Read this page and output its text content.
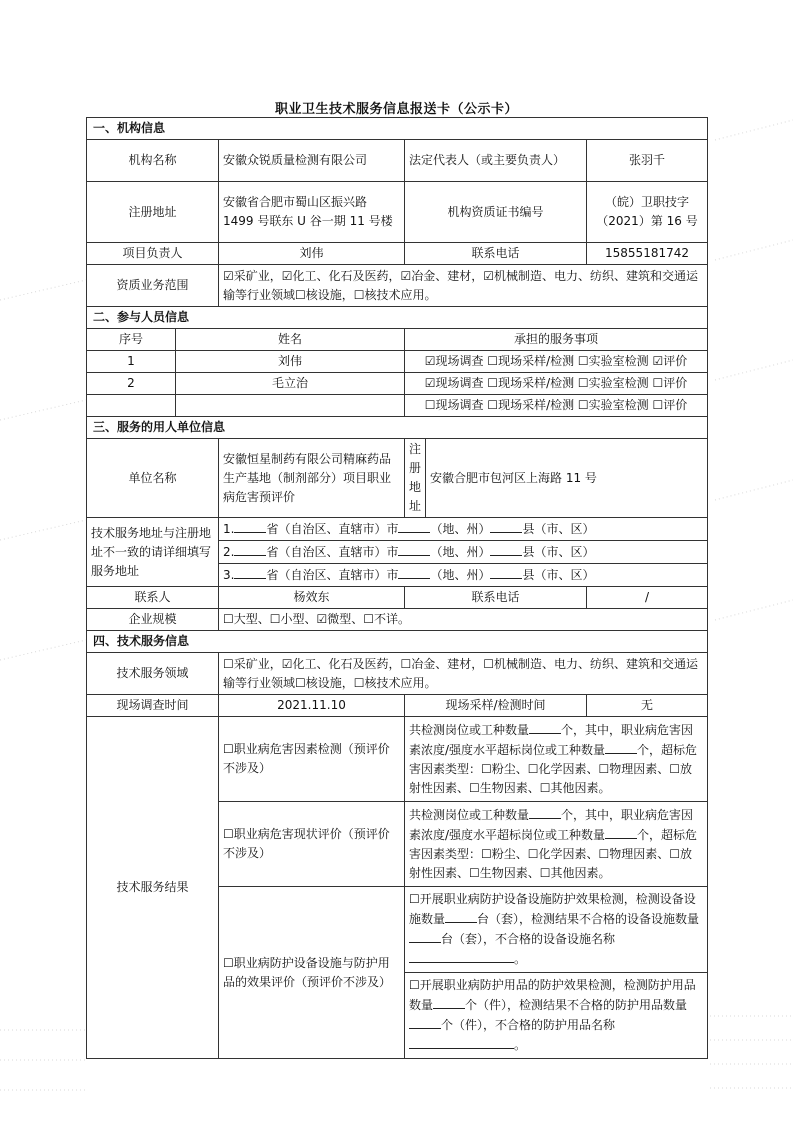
职业卫生技术服务信息报送卡（公示卡）
一、机构信息					
机构名称		安徽众锐质量检测有限公司	法定代表人（或主要负责人）		张羽千
注册地址		安徽省合肥市蜀山区振兴路 1499 号联东 U 谷一期 11 号楼	机构资质证书编号		（皖）卫职技字（2021）第 16 号
项目负责人		刘伟	联系电话		15855181742
资质业务范围		☑采矿业，☑化工、化石及医药，☑冶金、建材，☑机械制造、电力、纺织、建筑和交通运输等行业领域☐核设施，☐核技术应用。			
二、参与人员信息					
序号	姓名		承担的服务事项		
1	刘伟		☑现场调查 ☐现场采样/检测 ☐实验室检测 ☑评价		
2	毛立治		☑现场调查 ☐现场采样/检测 ☐实验室检测 ☐评价		
			☐现场调查 ☐现场采样/检测 ☐实验室检测 ☐评价		
三、服务的用人单位信息					
单位名称		安徽恒星制药有限公司精麻药品生产基地（制剂部分）项目职业病危害预评价	注册地址	安徽合肥市包河区上海路 11 号	
技术服务地址与注册地址不一致的请详细填写服务地址		1. 省（自治区、直辖市）市 （地、州） 县（市、区）			
		2. 省（自治区、直辖市）市 （地、州） 县（市、区）			
		3. 省（自治区、直辖市）市 （地、州） 县（市、区）			
联系人		杨效东	联系电话		/
企业规模		☐大型、☐小型、☑微型、☐不详。			
四、技术服务信息					
技术服务领域		☐采矿业，☑化工、化石及医药，☐冶金、建材，☐机械制造、电力、纺织、建筑和交通运输等行业领域☐核设施，☐核技术应用。			
现场调查时间		2021.11.10	现场采样/检测时间		无
技术服务结果		☐职业病危害因素检测（预评价不涉及）	共检测岗位或工种数量 个，其中，职业病危害因素浓度/强度水平超标岗位或工种数量 个，超标危害因素类型：☐粉尘、☐化学因素、☐物理因素、☐放射性因素、☐生物因素、☐其他因素。		
		☐职业病危害现状评价（预评价不涉及）	共检测岗位或工种数量 个，其中，职业病危害因素浓度/强度水平超标岗位或工种数量 个，超标危害因素类型：☐粉尘、☐化学因素、☐物理因素、☐放射性因素、☐生物因素、☐其他因素。		
		☐职业病防护设备设施与防护用品的效果评价（预评价不涉及）	☐开展职业病防护设备设施防护效果检测，检测设备设施数量 台（套），检测结果不合格的设备设施数量台（套），不合格的设备设施名称。		
			☐开展职业病防护用品的防护效果检测，检测防护用品数量 个（件），检测结果不合格的防护用品数量个（件），不合格的防护用品名称。		
